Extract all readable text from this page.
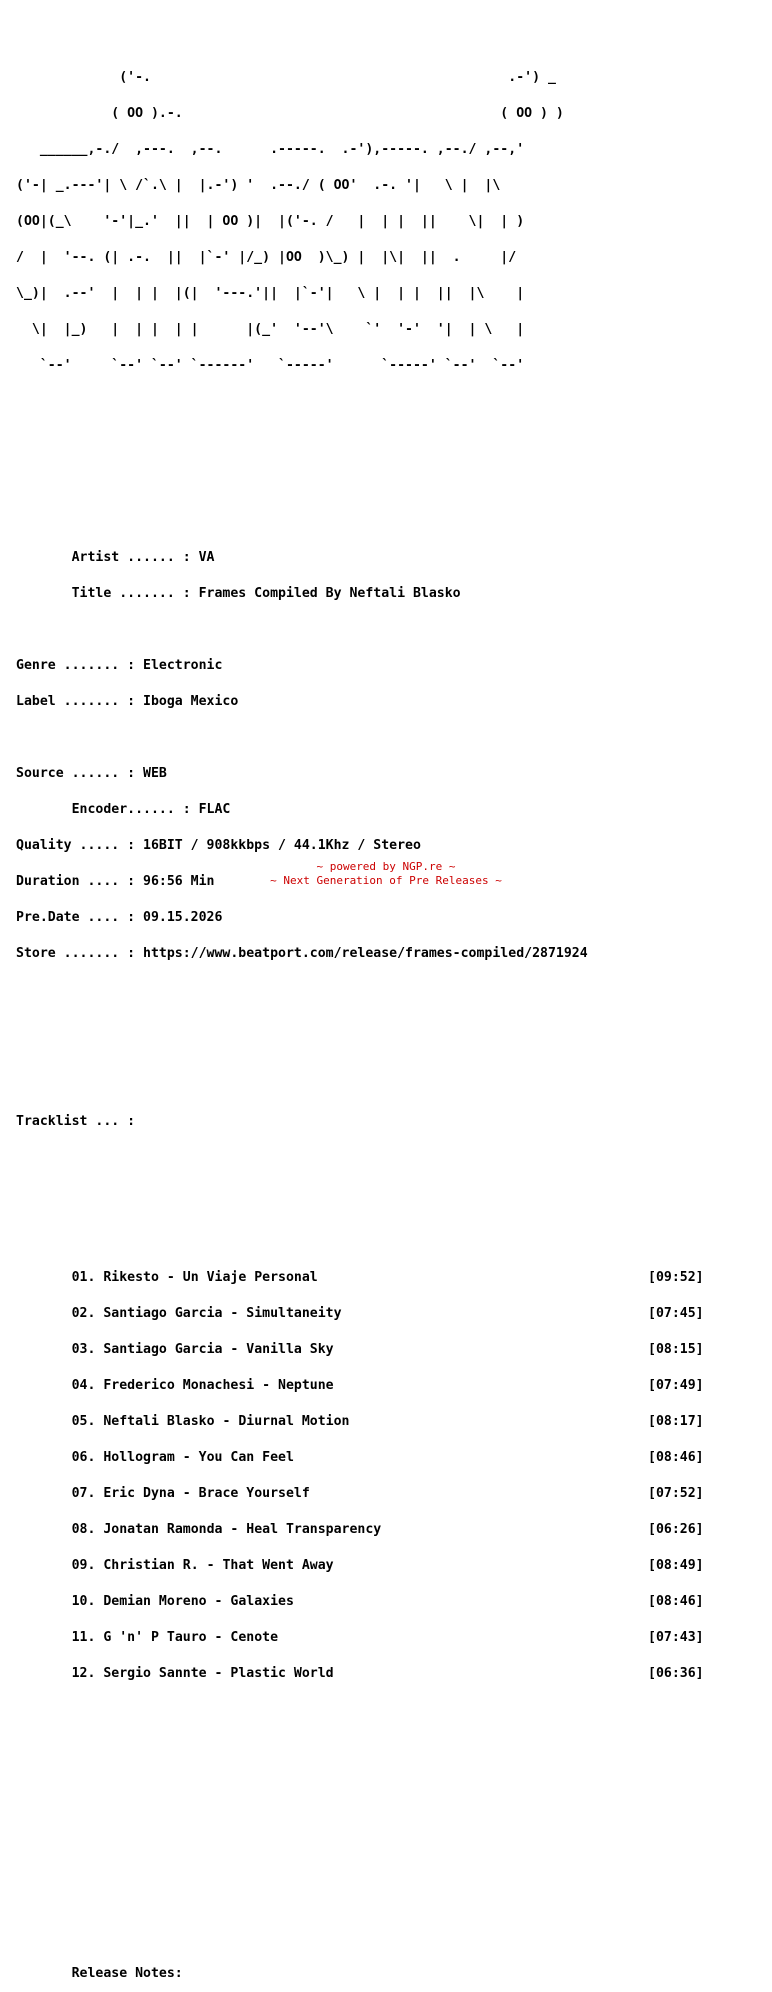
('-.                                             .-') _

( OO ).-.                                        ( OO ) )

______,-./  ,---.  ,--.      .-----.  .-'),-----. ,--./ ,--,'

('-| _.---'| \ /`.\ |  |.-') '  .--./ ( OO'  .-. '|   \ |  |\

(OO|(_\    '-'|_.'  ||  | OO )|  |('-. /   |  | |  ||    \|  | )

/  |  '--. (| .-.  ||  |`-' |/_) |OO  )\_) |  |\|  ||  .     |/

\_)|  .--'  |  | |  |(|  '---.'||  |`-'|   \ |  | |  ||  |\    |

\|  |_)   |  | |  | |      |(_'  '--'\    `'  '-'  '|  | \   |

`--'     `--' `--' `------'   `-----'      `-----' `--'  `--'

Artist ...... : VA

Title ....... : Frames Compiled By Neftali Blasko

Genre ....... : Electronic

Label ....... : Iboga Mexico

Source ...... : WEB

Encoder...... : FLAC

Quality ..... : 16BIT / 908kkbps / 44.1Khz / Stereo

Duration .... : 96:56 Min

Pre.Date .... : 09.15.2026

Store ....... : https://www.beatport.com/release/frames-compiled/2871924

Tracklist ... :

01. Rikesto - Un Viaje Personal	[09:52]

02. Santiago Garcia - Simultaneity	[07:45]

03. Santiago Garcia - Vanilla Sky	[08:15]

04. Frederico Monachesi - Neptune	[07:49]

05. Neftali Blasko - Diurnal Motion	[08:17]

06. Hollogram - You Can Feel	[08:46]

07. Eric Dyna - Brace Yourself	[07:52]

08. Jonatan Ramonda - Heal Transparency	[06:26]

09. Christian R. - That Went Away	[08:49]

10. Demian Moreno - Galaxies	[08:46]

11. G 'n' P Tauro - Cenote	[07:43]

12. Sergio Sannte - Plastic World	[06:36]

Release Notes:

~ powered by NGP.re ~
~ Next Generation of Pre Releases ~
